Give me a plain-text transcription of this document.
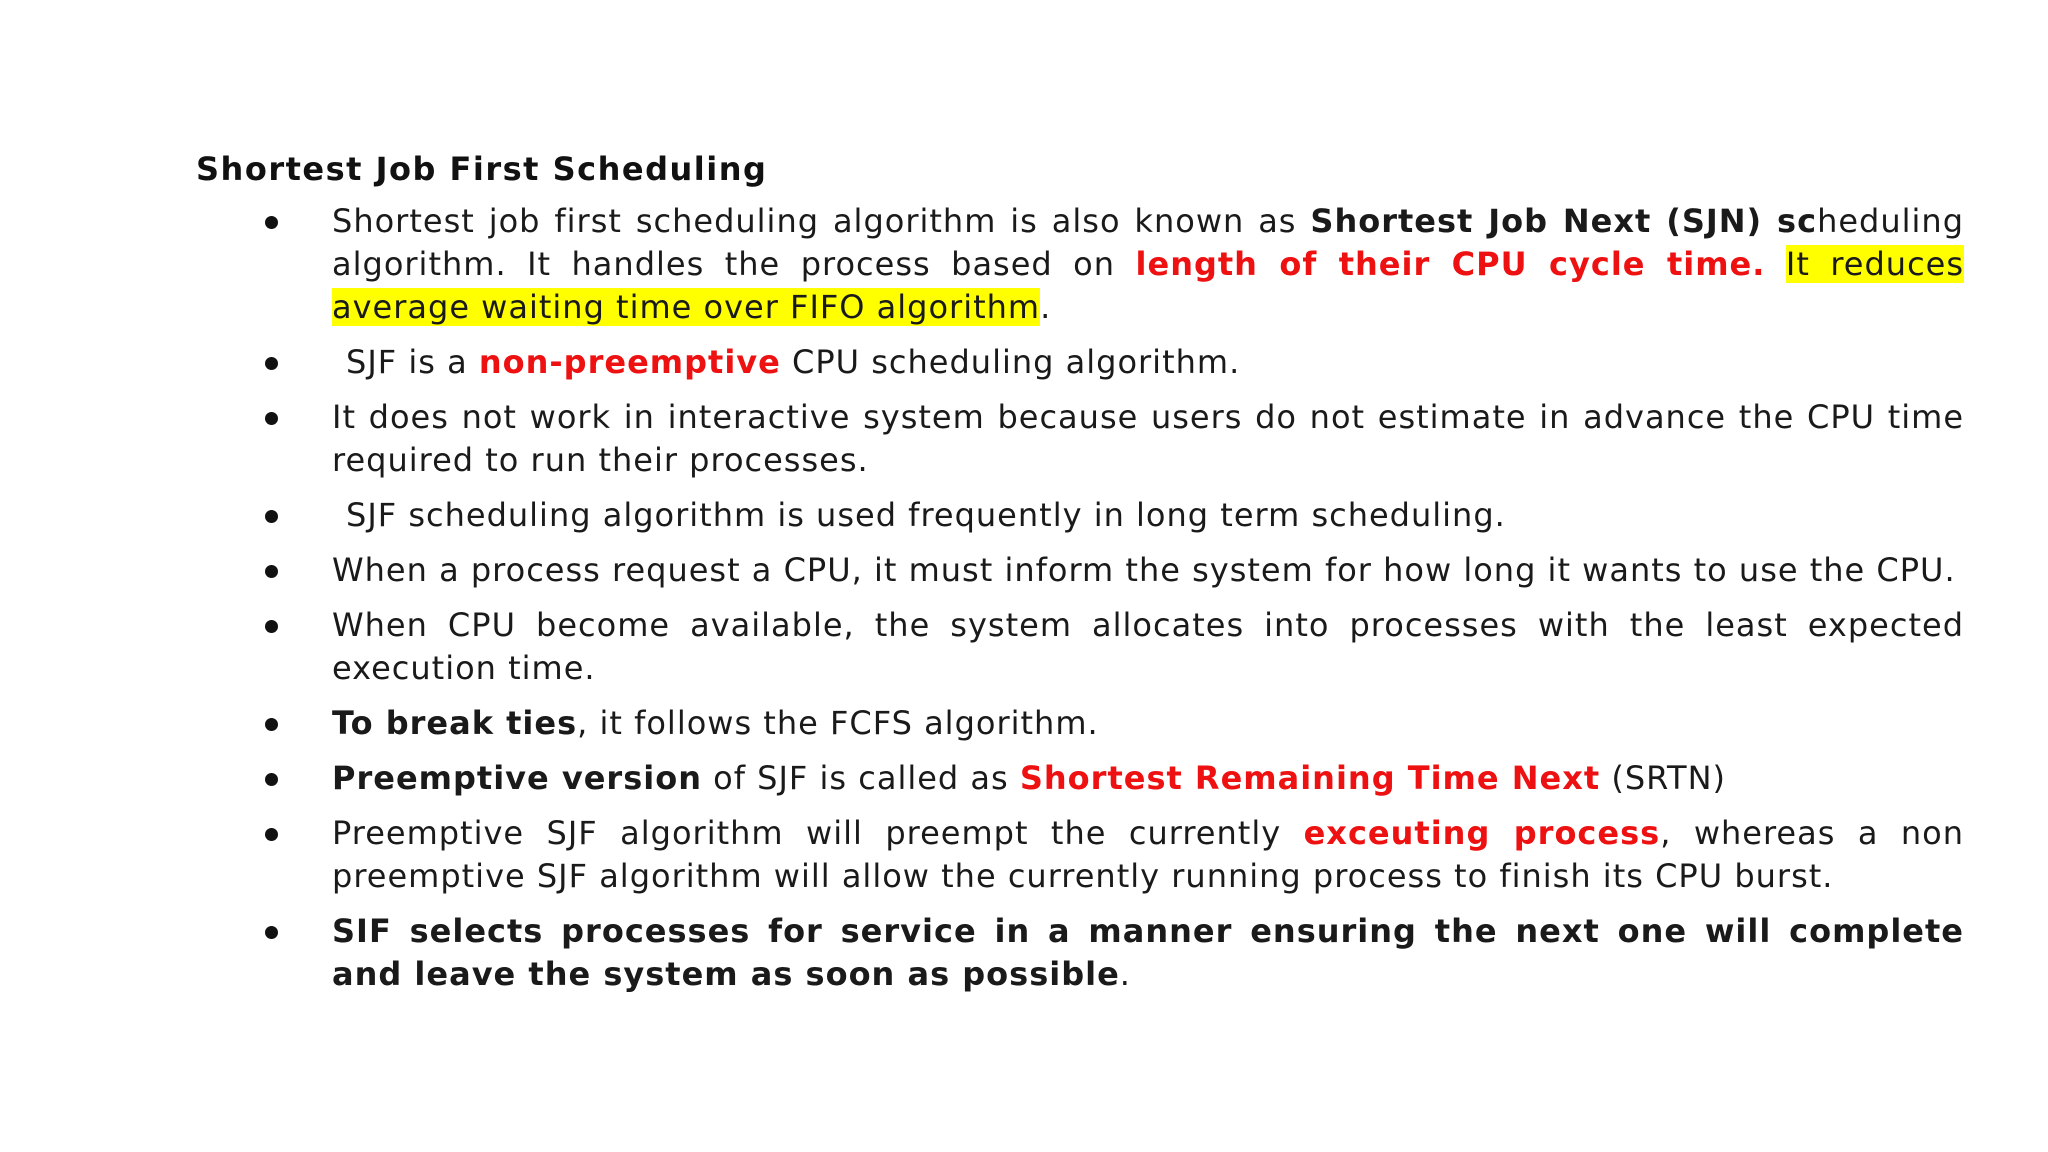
Shortest Job First Scheduling
Shortest job first scheduling algorithm is also known as Shortest Job Next (SJN) scheduling algorithm. It handles the process based on length of their CPU cycle time. It reduces average waiting time over FIFO algorithm.
SJF is a non-preemptive CPU scheduling algorithm.
It does not work in interactive system because users do not estimate in advance the CPU time required to run their processes.
SJF scheduling algorithm is used frequently in long term scheduling.
When a process request a CPU, it must inform the system for how long it wants to use the CPU.
When CPU become available, the system allocates into processes with the least expected execution time.
To break ties, it follows the FCFS algorithm.
Preemptive version of SJF is called as Shortest Remaining Time Next (SRTN)
Preemptive SJF algorithm will preempt the currently exceuting process, whereas a non preemptive SJF algorithm will allow the currently running process to finish its CPU burst.
SIF selects processes for service in a manner ensuring the next one will complete and leave the system as soon as possible.
